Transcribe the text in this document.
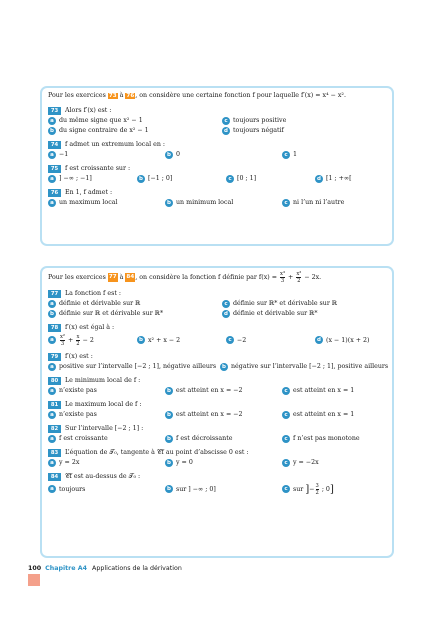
Pour les exercices 73 à 76, on considère une certaine fonction f pour laquelle f′(x) = x⁴ − x².
73	Alors f′(x) est :
a du même signe que x² − 1	c toujours positive
b du signe contraire de x² − 1	d toujours négatif
74	f admet un extremum local en :
a −1	b 0	c 1
75	f est croissante sur :
a ] −∞ ; −1]	b [−1 ; 0]	c [0 ; 1]	d [1 ; +∞[
76	En 1, f admet :
a un maximum local	b un minimum local	c ni l’un ni l’autre
Pour les exercices 77 à 84 , on considère la fonction f définie par $f(x) = \frac{\text{x³}}{3} + \frac{\text{x²}}{2} - 2x$.
77	La fonction f est :
a définie et dérivable sur ℝ	c définie sur ℝ* et dérivable sur ℝ
b définie sur ℝ et dérivable sur ℝ*	d définie et dérivable sur ℝ*
78	f′(x) est égal à :
a	$\frac{\text{x²}}{3} + \frac{x}{2} - 2$	b x² + x − 2	c −2	d (x − 1)(x + 2)
79	f′(x) est :
a positive sur l’intervalle [−2 ; 1], négative ailleurs	b négative sur l’intervalle [−2 ; 1], positive ailleurs
80	Le minimum local de f :
a n’existe pas	b est atteint en x = −2	c est atteint en x = 1
81	Le maximum local de f :
a n’existe pas	b est atteint en x = −2	c est atteint en x = 1
82	Sur l’intervalle [−2 ; 1] :
a f est croissante	b f est décroissante	c f n’est pas monotone
83	L’équation de 𝒯₀, tangente à 𝒞f au point d’abscisse 0 est :
a y = 2x	b y = 0	c y = −2x
84	𝒞f est au-dessus de 𝒯₀ :
a toujours	b sur ] −∞ ; 0]	c sur ] − $\frac{3}{2}$ ; 0 ]
100 Chapitre A4 Applications de la dérivation
